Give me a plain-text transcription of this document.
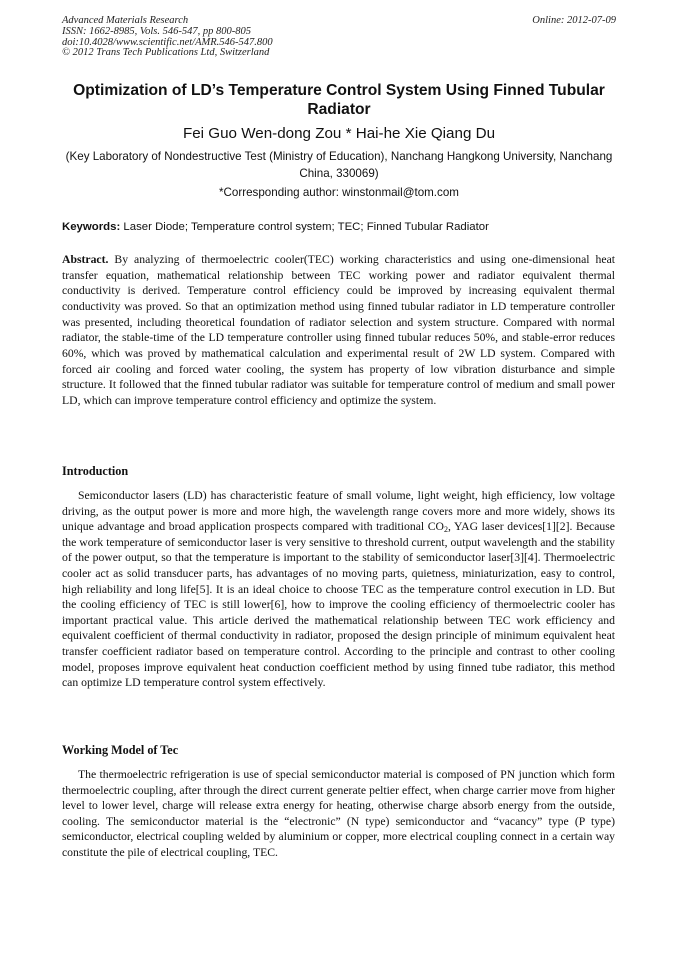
Advanced Materials Research
ISSN: 1662-8985, Vols. 546-547, pp 800-805
doi:10.4028/www.scientific.net/AMR.546-547.800
© 2012 Trans Tech Publications Ltd, Switzerland
Online: 2012-07-09
Optimization of LD’s Temperature Control System Using Finned Tubular Radiator
Fei Guo Wen-dong Zou * Hai-he Xie Qiang Du
(Key Laboratory of Nondestructive Test (Ministry of Education), Nanchang Hangkong University, Nanchang China, 330069)
*Corresponding author: winstonmail@tom.com
Keywords: Laser Diode; Temperature control system; TEC; Finned Tubular Radiator
Abstract. By analyzing of thermoelectric cooler(TEC) working characteristics and using one-dimensional heat transfer equation, mathematical relationship between TEC working power and radiator equivalent thermal conductivity is derived. Temperature control efficiency could be improved by increasing equivalent thermal conductivity was proved. So that an optimization method using finned tubular radiator in LD temperature controller was presented, including theoretical foundation of radiator selection and system structure. Compared with normal radiator, the stable-time of the LD temperature controller using finned tubular reduces 50%, and stable-error reduces 60%, which was proved by mathematical calculation and experimental result of 2W LD system. Compared with forced air cooling and forced water cooling, the system has property of low vibration disturbance and simple structure. It followed that the finned tubular radiator was suitable for temperature control of medium and small power LD, which can improve temperature control efficiency and optimize the system.
Introduction
Semiconductor lasers (LD) has characteristic feature of small volume, light weight, high efficiency, low voltage driving, as the output power is more and more high, the wavelength range covers more and more widely, shows its unique advantage and broad application prospects compared with traditional $CO_2$, YAG laser devices[1][2]. Because the work temperature of semiconductor laser is very sensitive to threshold current, output wavelength and the stability of the power output, so that the temperature is important to the stability of semiconductor laser[3][4]. Thermoelectric cooler act as solid transducer parts, has advantages of no moving parts, quietness, miniaturization, easy to control, high reliability and long life[5]. It is an ideal choice to choose TEC as the temperature control execution in LD. But the cooling efficiency of TEC is still lower[6], how to improve the cooling efficiency of thermoelectric cooler has important practical value. This article derived the mathematical relationship between TEC work efficiency and equivalent coefficient of thermal conductivity in radiator, proposed the design principle of minimum equivalent heat transfer coefficient radiator based on temperature control. According to the principle and contrast to other cooling model, proposes improve equivalent heat conduction coefficient method by using finned tube radiator, this method can optimize LD temperature control system effectively.
Working Model of Tec
The thermoelectric refrigeration is use of special semiconductor material is composed of PN junction which form thermoelectric coupling, after through the direct current generate peltier effect, when charge carrier move from higher level to lower level, charge will release extra energy for heating, otherwise charge absorb energy from the outside, cooling. The semiconductor material is the “electronic” (N type) semiconductor and “vacancy” type (P type) semiconductor, electrical coupling welded by aluminium or copper, more electrical coupling connect in a certain way constitute the pile of electrical coupling, TEC.
